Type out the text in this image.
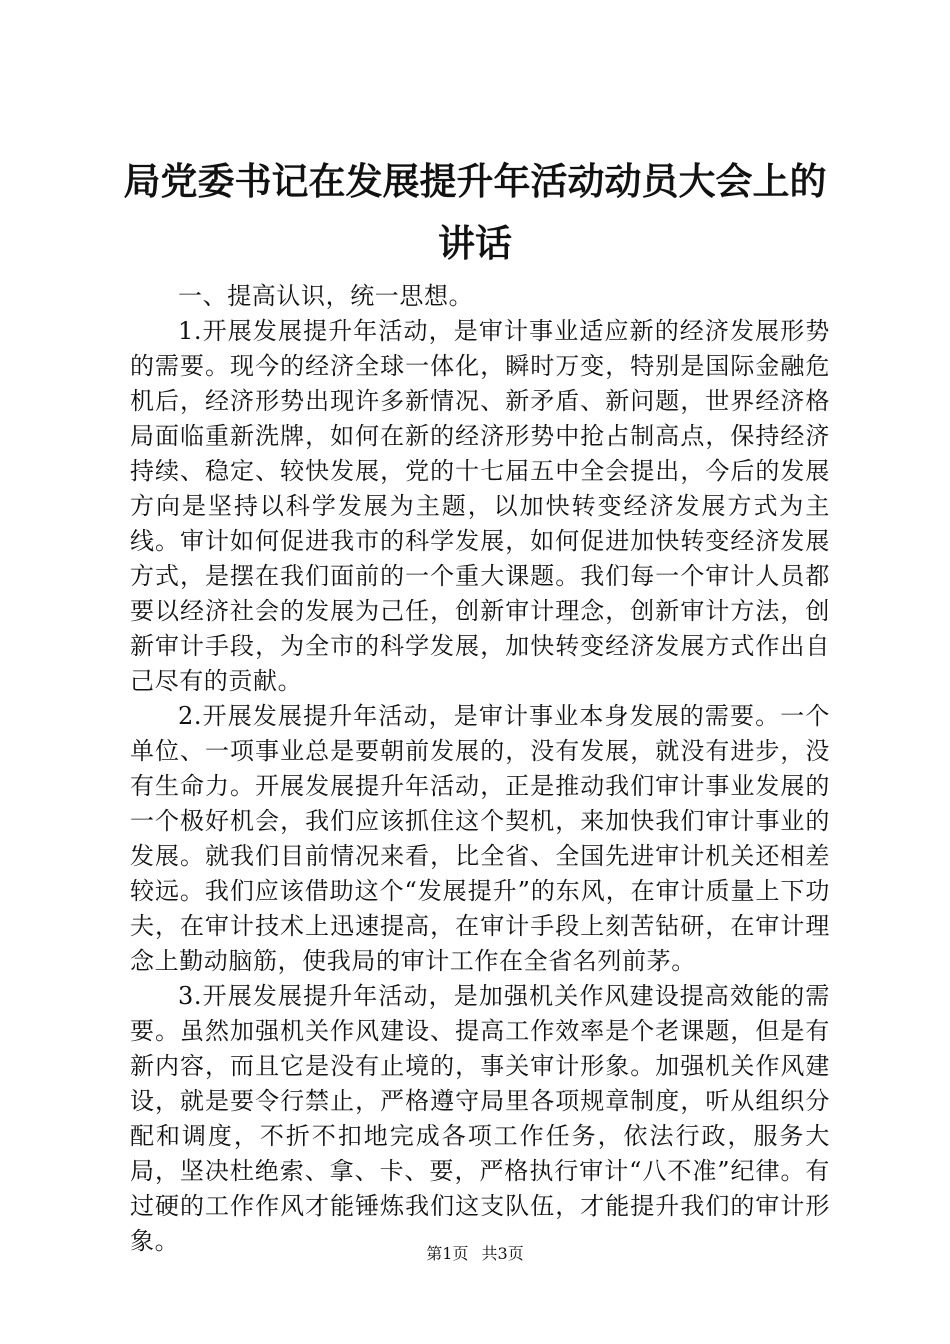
局党委书记在发展提升年活动动员大会上的讲话

一、提高认识，统一思想。

1.开展发展提升年活动，是审计事业适应新的经济发展形势的需要。现今的经济全球一体化，瞬时万变，特别是国际金融危机后，经济形势出现许多新情况、新矛盾、新问题，世界经济格局面临重新洗牌，如何在新的经济形势中抢占制高点，保持经济持续、稳定、较快发展，党的十七届五中全会提出，今后的发展方向是坚持以科学发展为主题，以加快转变经济发展方式为主线。审计如何促进我市的科学发展，如何促进加快转变经济发展方式，是摆在我们面前的一个重大课题。我们每一个审计人员都要以经济社会的发展为己任，创新审计理念，创新审计方法，创新审计手段，为全市的科学发展，加快转变经济发展方式作出自己尽有的贡献。

2.开展发展提升年活动，是审计事业本身发展的需要。一个单位、一项事业总是要朝前发展的，没有发展，就没有进步，没有生命力。开展发展提升年活动，正是推动我们审计事业发展的一个极好机会，我们应该抓住这个契机，来加快我们审计事业的发展。就我们目前情况来看，比全省、全国先进审计机关还相差较远。我们应该借助这个“发展提升”的东风，在审计质量上下功夫，在审计技术上迅速提高，在审计手段上刻苦钻研，在审计理念上勤动脑筋，使我局的审计工作在全省名列前茅。

3.开展发展提升年活动，是加强机关作风建设提高效能的需要。虽然加强机关作风建设、提高工作效率是个老课题，但是有新内容，而且它是没有止境的，事关审计形象。加强机关作风建设，就是要令行禁止，严格遵守局里各项规章制度，听从组织分配和调度，不折不扣地完成各项工作任务，依法行政，服务大局，坚决杜绝索、拿、卡、要，严格执行审计“八不准”纪律。有过硬的工作作风才能锤炼我们这支队伍，才能提升我们的审计形象。	第1页 共3页
